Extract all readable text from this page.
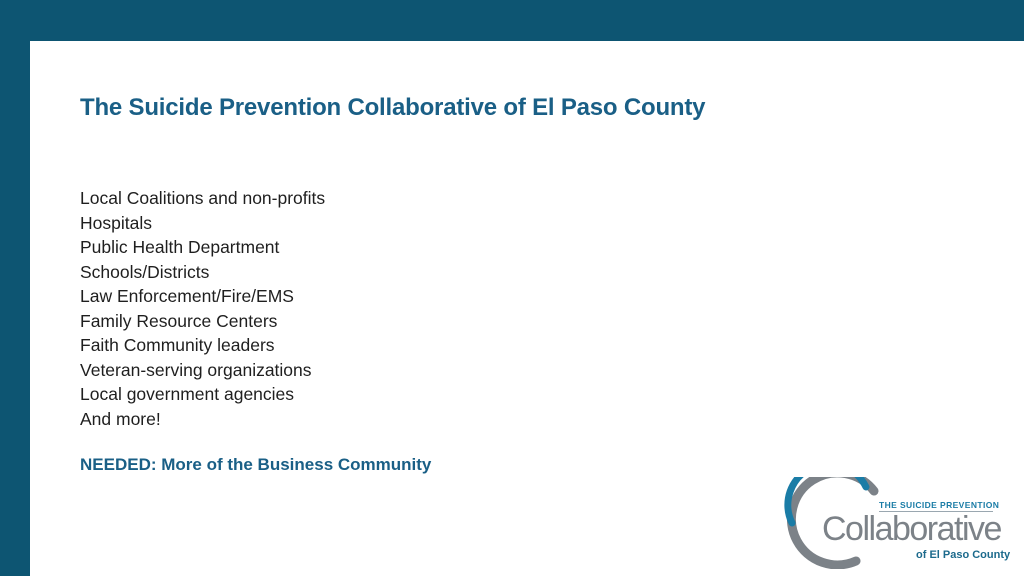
The Suicide Prevention Collaborative of El Paso County
Local Coalitions and non-profits
Hospitals
Public Health Department
Schools/Districts
Law Enforcement/Fire/EMS
Family Resource Centers
Faith Community leaders
Veteran-serving organizations
Local government agencies
And more!
NEEDED: More of the Business Community
THE SUICIDE PREVENTION
Collaborative
of El Paso County
